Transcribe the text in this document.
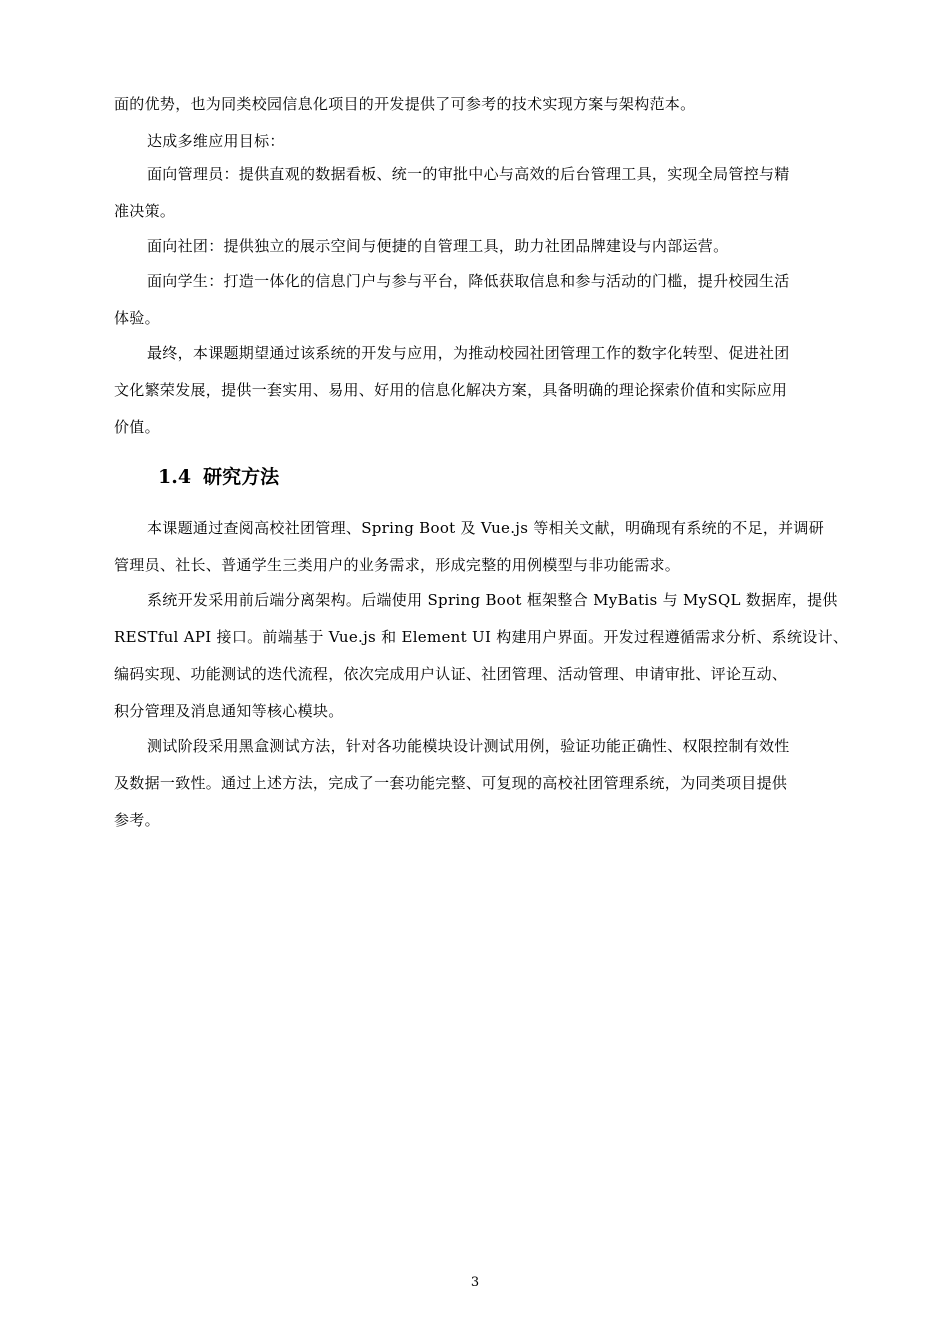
面的优势，也为同类校园信息化项目的开发提供了可参考的技术实现方案与架构范本。
达成多维应用目标：
面向管理员：提供直观的数据看板、统一的审批中心与高效的后台管理工具，实现全局管控与精
准决策。
面向社团：提供独立的展示空间与便捷的自管理工具，助力社团品牌建设与内部运营。
面向学生：打造一体化的信息门户与参与平台，降低获取信息和参与活动的门槛，提升校园生活
体验。
最终，本课题期望通过该系统的开发与应用，为推动校园社团管理工作的数字化转型、促进社团
文化繁荣发展，提供一套实用、易用、好用的信息化解决方案，具备明确的理论探索价值和实际应用
价值。
1.4 研究方法
本课题通过查阅高校社团管理、Spring Boot 及 Vue.js 等相关文献，明确现有系统的不足，并调研
管理员、社长、普通学生三类用户的业务需求，形成完整的用例模型与非功能需求。
系统开发采用前后端分离架构。后端使用 Spring Boot 框架整合 MyBatis 与 MySQL 数据库，提供
RESTful API 接口。前端基于 Vue.js 和 Element UI 构建用户界面。开发过程遵循需求分析、系统设计、
编码实现、功能测试的迭代流程，依次完成用户认证、社团管理、活动管理、申请审批、评论互动、
积分管理及消息通知等核心模块。
测试阶段采用黑盒测试方法，针对各功能模块设计测试用例，验证功能正确性、权限控制有效性
及数据一致性。通过上述方法，完成了一套功能完整、可复现的高校社团管理系统，为同类项目提供
参考。
3
